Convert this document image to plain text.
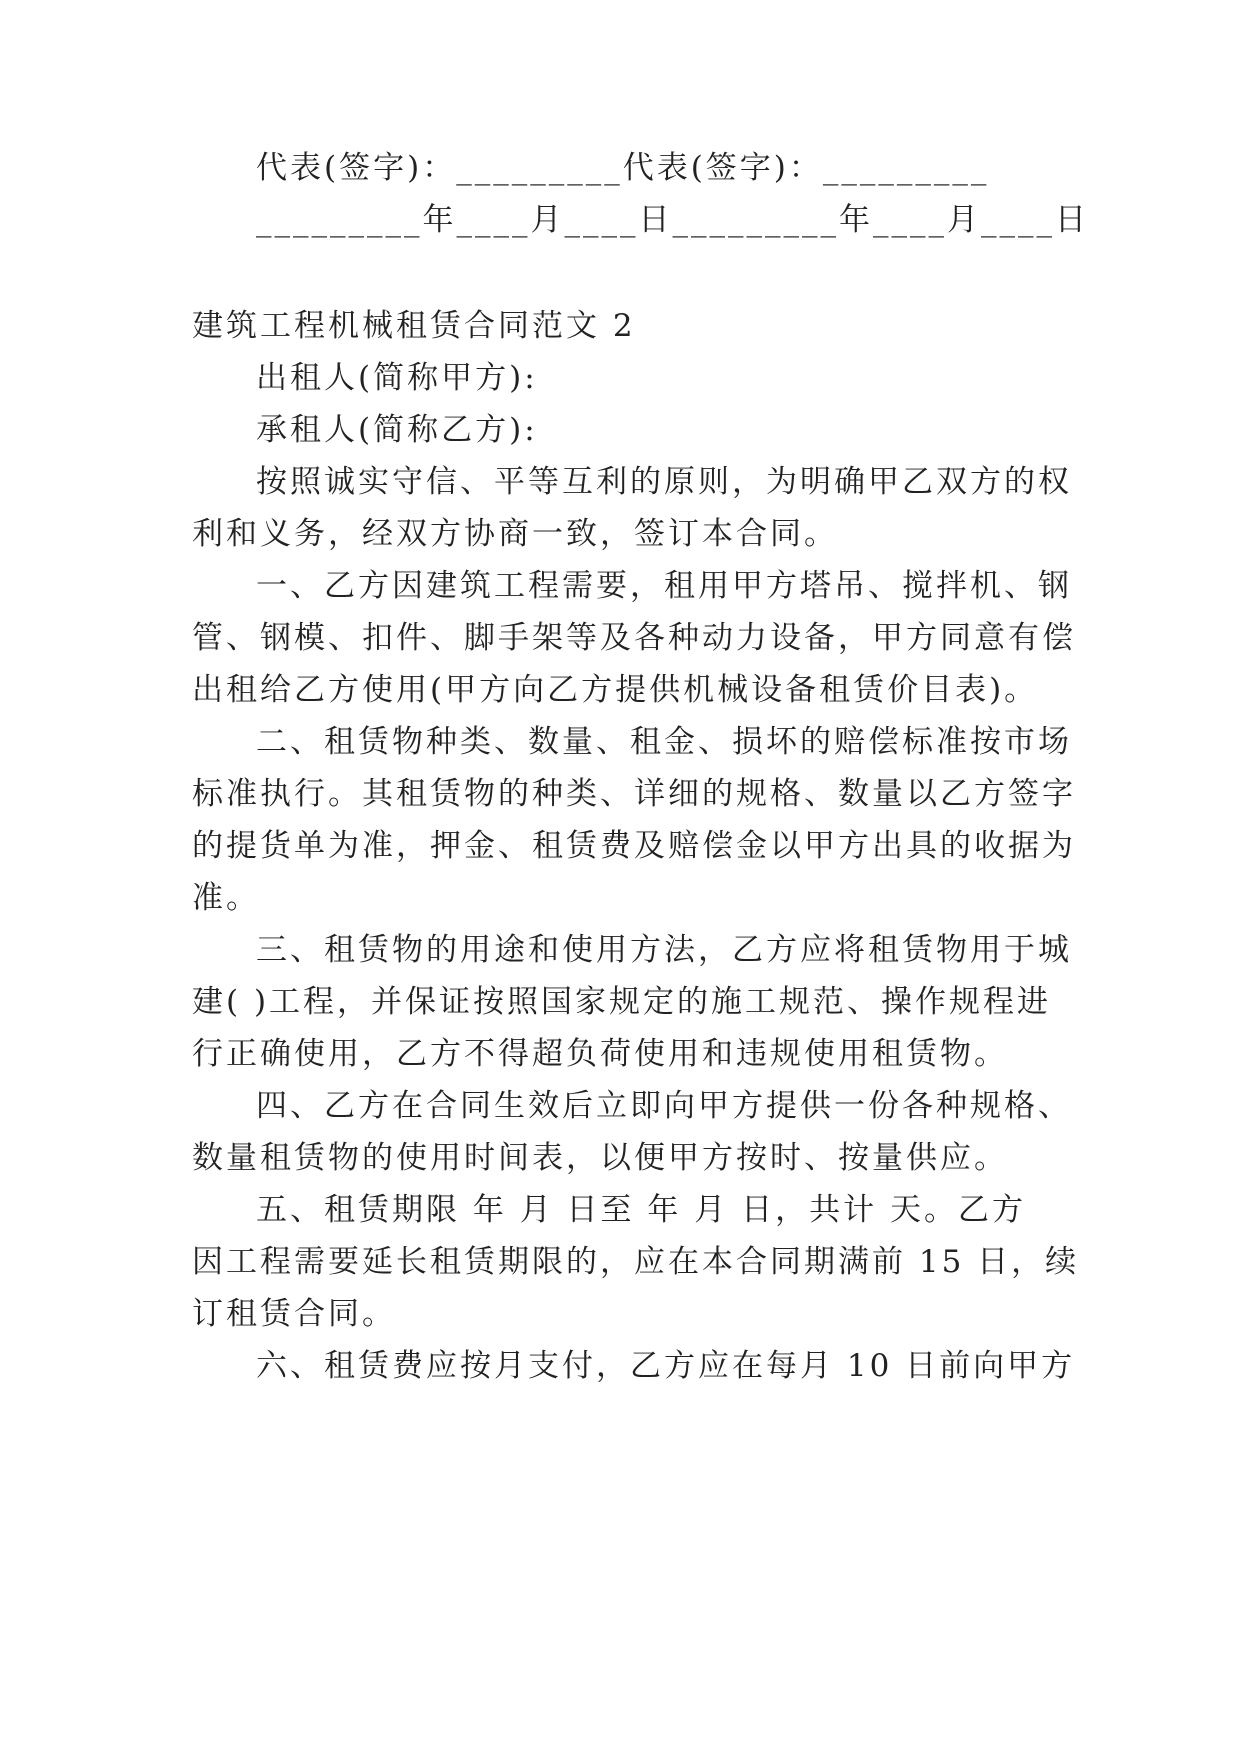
代表(签字)：_________代表(签字)：_________
_________年____月____日_________年____月____日
建筑工程机械租赁合同范文 2
出租人(简称甲方):
承租人(简称乙方):
按照诚实守信、平等互利的原则，为明确甲乙双方的权
利和义务，经双方协商一致，签订本合同。
一、乙方因建筑工程需要，租用甲方塔吊、搅拌机、钢
管、钢模、扣件、脚手架等及各种动力设备，甲方同意有偿
出租给乙方使用(甲方向乙方提供机械设备租赁价目表)。
二、租赁物种类、数量、租金、损坏的赔偿标准按市场
标准执行。其租赁物的种类、详细的规格、数量以乙方签字
的提货单为准，押金、租赁费及赔偿金以甲方出具的收据为
准。
三、租赁物的用途和使用方法，乙方应将租赁物用于城
建( )工程，并保证按照国家规定的施工规范、操作规程进
行正确使用，乙方不得超负荷使用和违规使用租赁物。
四、乙方在合同生效后立即向甲方提供一份各种规格、
数量租赁物的使用时间表，以便甲方按时、按量供应。
五、租赁期限 年 月 日至 年 月 日，共计 天。乙方
因工程需要延长租赁期限的，应在本合同期满前 15 日，续
订租赁合同。
六、租赁费应按月支付，乙方应在每月 10 日前向甲方
